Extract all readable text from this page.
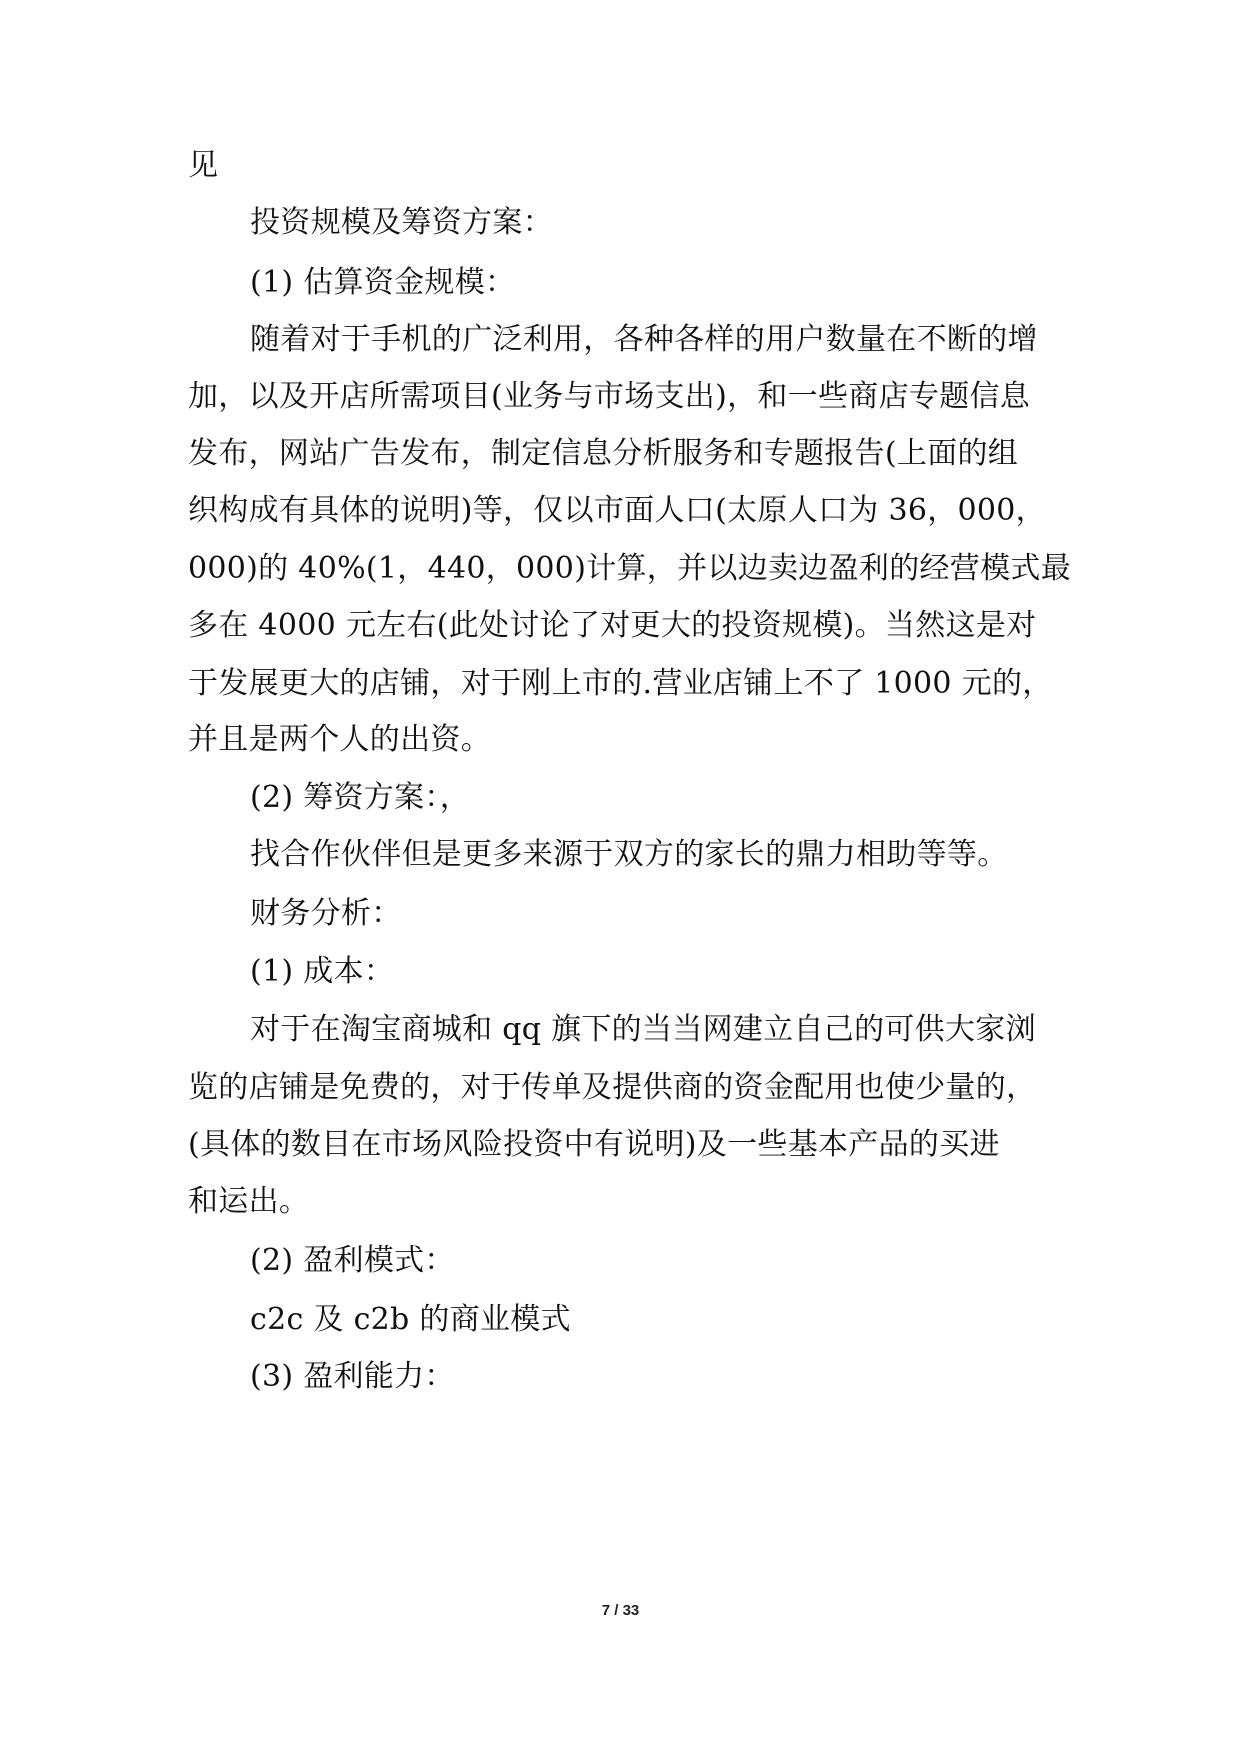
见
投资规模及筹资方案：
(1) 估算资金规模：
随着对于手机的广泛利用，各种各样的用户数量在不断的增
加，以及开店所需项目(业务与市场支出)，和一些商店专题信息
发布，网站广告发布，制定信息分析服务和专题报告(上面的组
织构成有具体的说明)等，仅以市面人口(太原人口为 36，000，
000)的 40%(1，440，000)计算，并以边卖边盈利的经营模式最
多在 4000 元左右(此处讨论了对更大的投资规模)。当然这是对
于发展更大的店铺，对于刚上市的.营业店铺上不了 1000 元的，
并且是两个人的出资。
(2) 筹资方案：，
找合作伙伴但是更多来源于双方的家长的鼎力相助等等。
财务分析：
(1) 成本：
对于在淘宝商城和 qq 旗下的当当网建立自己的可供大家浏
览的店铺是免费的，对于传单及提供商的资金配用也使少量的，
(具体的数目在市场风险投资中有说明)及一些基本产品的买进
和运出。
(2) 盈利模式：
c2c 及 c2b 的商业模式
(3) 盈利能力：
7 / 33
